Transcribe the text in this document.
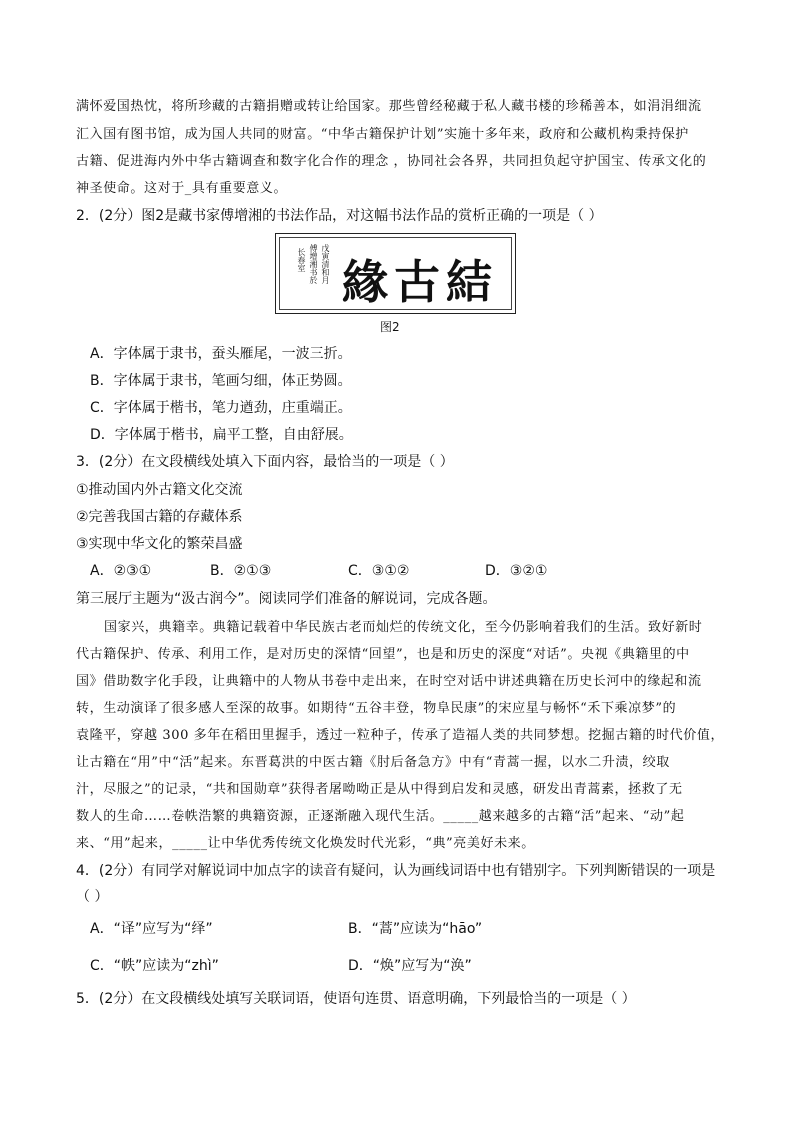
满怀爱国热忱，将所珍藏的古籍捐赠或转让给国家。那些曾经秘藏于私人藏书楼的珍稀善本，如涓涓细流
汇入国有图书馆，成为国人共同的财富。“中华古籍保护计划”实施十多年来，政府和公藏机构秉持保护
古籍、促进海内外中华古籍调查和数字化合作的理念 ，协同社会各界，共同担负起守护国宝、传承文化的
神圣使命。这对于_具有重要意义。
2．(2分）图2是藏书家傅增湘的书法作品，对这幅书法作品的赏析正确的一项是（ ）
戊寅清和月
傅增湘书於
长春室 結古緣
图2
A．字体属于隶书，蚕头雁尾，一波三折。
B．字体属于隶书，笔画匀细，体正势圆。
C．字体属于楷书，笔力遒劲，庄重端正。
D．字体属于楷书，扁平工整，自由舒展。
3．(2分）在文段横线处填入下面内容，最恰当的一项是（ ）
①推动国内外古籍文化交流
②完善我国古籍的存藏体系
③实现中华文化的繁荣昌盛
A．②③①	B．②①③	C．③①②	D．③②①
第三展厅主题为“汲古润今”。阅读同学们准备的解说词，完成各题。
国家兴，典籍幸。典籍记载着中华民族古老而灿烂的传统文化，至今仍影响着我们的生活。致好新时
代古籍保护、传承、利用工作，是对历史的深情“回望”，也是和历史的深度“对话”。央视《典籍里的中
国》借助数字化手段，让典籍中的人物从书卷中走出来，在时空对话中讲述典籍在历史长河中的缘起和流
转，生动演译了很多感人至深的故事。如期待“五谷丰登，物阜民康”的宋应星与畅怀“禾下乘凉梦”的
袁隆平，穿越 300 多年在稻田里握手，透过一粒种子，传承了造福人类的共同梦想。挖掘古籍的时代价值，
让古籍在“用”中“活”起来。东晋葛洪的中医古籍《肘后备急方》中有“青蒿一握，以水二升渍，绞取
汁，尽服之”的记录，“共和国勋章”获得者屠呦呦正是从中得到启发和灵感，研发出青蒿素，拯救了无
数人的生命……卷帙浩繁的典籍资源，正逐渐融入现代生活。_____越来越多的古籍“活”起来、“动”起
来、“用”起来，_____让中华优秀传统文化焕发时代光彩，“典”亮美好未来。
4．(2分）有同学对解说词中加点字的读音有疑问，认为画线词语中也有错别字。下列判断错误的一项是
（ ）
A．“译”应写为“绎”	B．“蒿”应读为“hāo”
C．“帙”应读为“zhì”	D．“焕”应写为“涣”
5．(2分）在文段横线处填写关联词语，使语句连贯、语意明确，下列最恰当的一项是（ ）
